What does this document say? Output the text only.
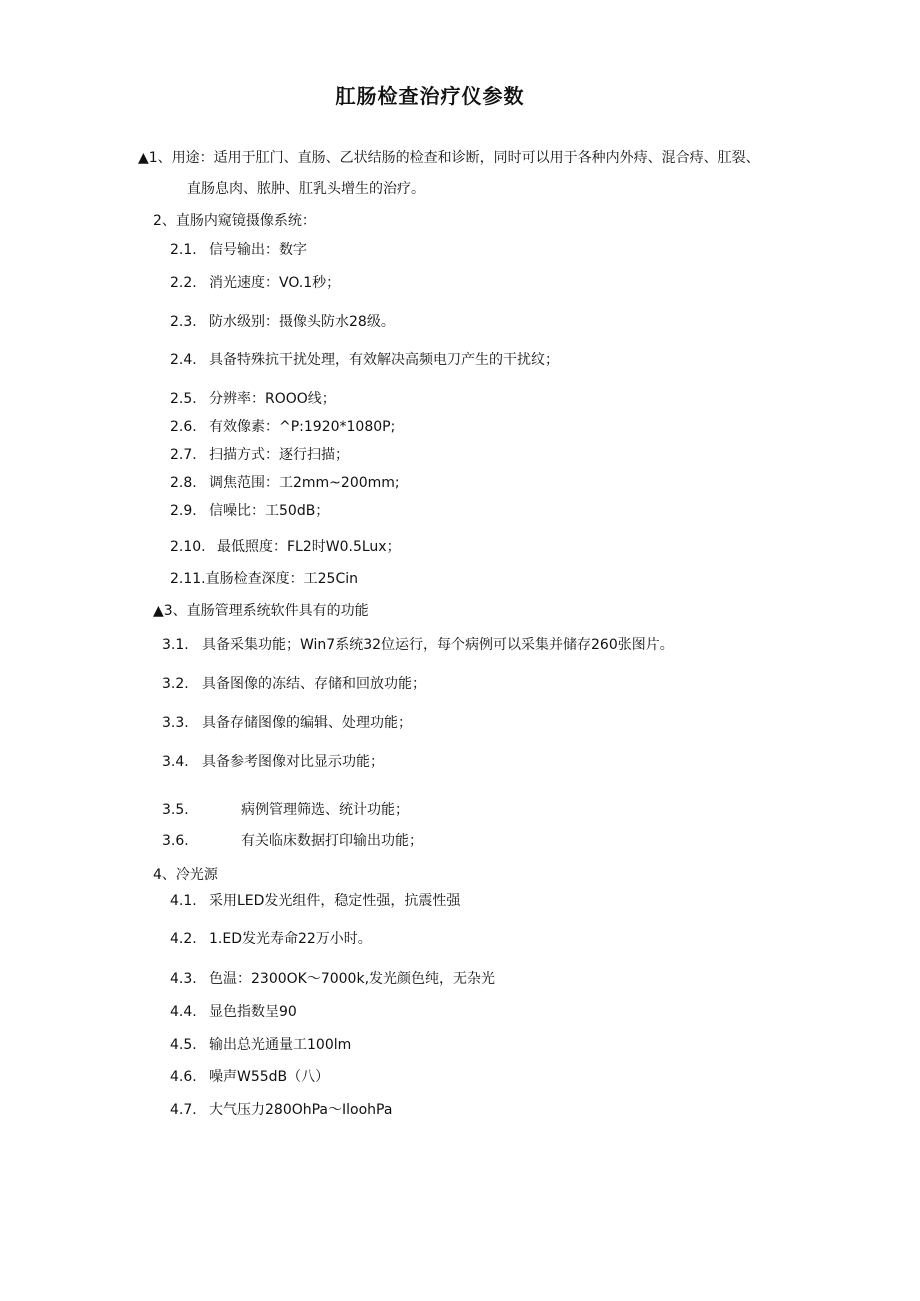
肛肠检查治疗仪参数
▲1、用途：适用于肛门、直肠、乙状结肠的检查和诊断，同时可以用于各种内外痔、混合痔、肛裂、
直肠息肉、脓肿、肛乳头增生的治疗。
2、直肠内窥镜摄像系统：
2.1. 信号输出：数字
2.2. 消光速度：VO.1秒；
2.3. 防水级别：摄像头防水28级。
2.4. 具备特殊抗干扰处理，有效解决高频电刀产生的干扰纹；
2.5. 分辨率：ROOO线；
2.6. 有效像素：^P:1920*1080P;
2.7. 扫描方式：逐行扫描；
2.8. 调焦范围：工2mm~200mm;
2.9. 信噪比：工50dB；
2.10. 最低照度：FL2时W0.5Lux；
2.11.直肠检查深度：工25Cin
▲3、直肠管理系统软件具有的功能
3.1. 具备采集功能；Win7系统32位运行，每个病例可以采集并储存260张图片。
3.2. 具备图像的冻结、存储和回放功能；
3.3. 具备存储图像的编辑、处理功能；
3.4. 具备参考图像对比显示功能；
3.5.	病例管理筛选、统计功能；
3.6.	有关临床数据打印输出功能；
4、冷光源
4.1. 采用LED发光组件，稳定性强，抗震性强
4.2. 1.ED发光寿命22万小时。
4.3. 色温：2300OK～7000k,发光颜色纯，无杂光
4.4. 显色指数呈90
4.5. 输出总光通量工100lm
4.6. 噪声W55dB（八）
4.7. 大气压力280OhPa～IloohPa
